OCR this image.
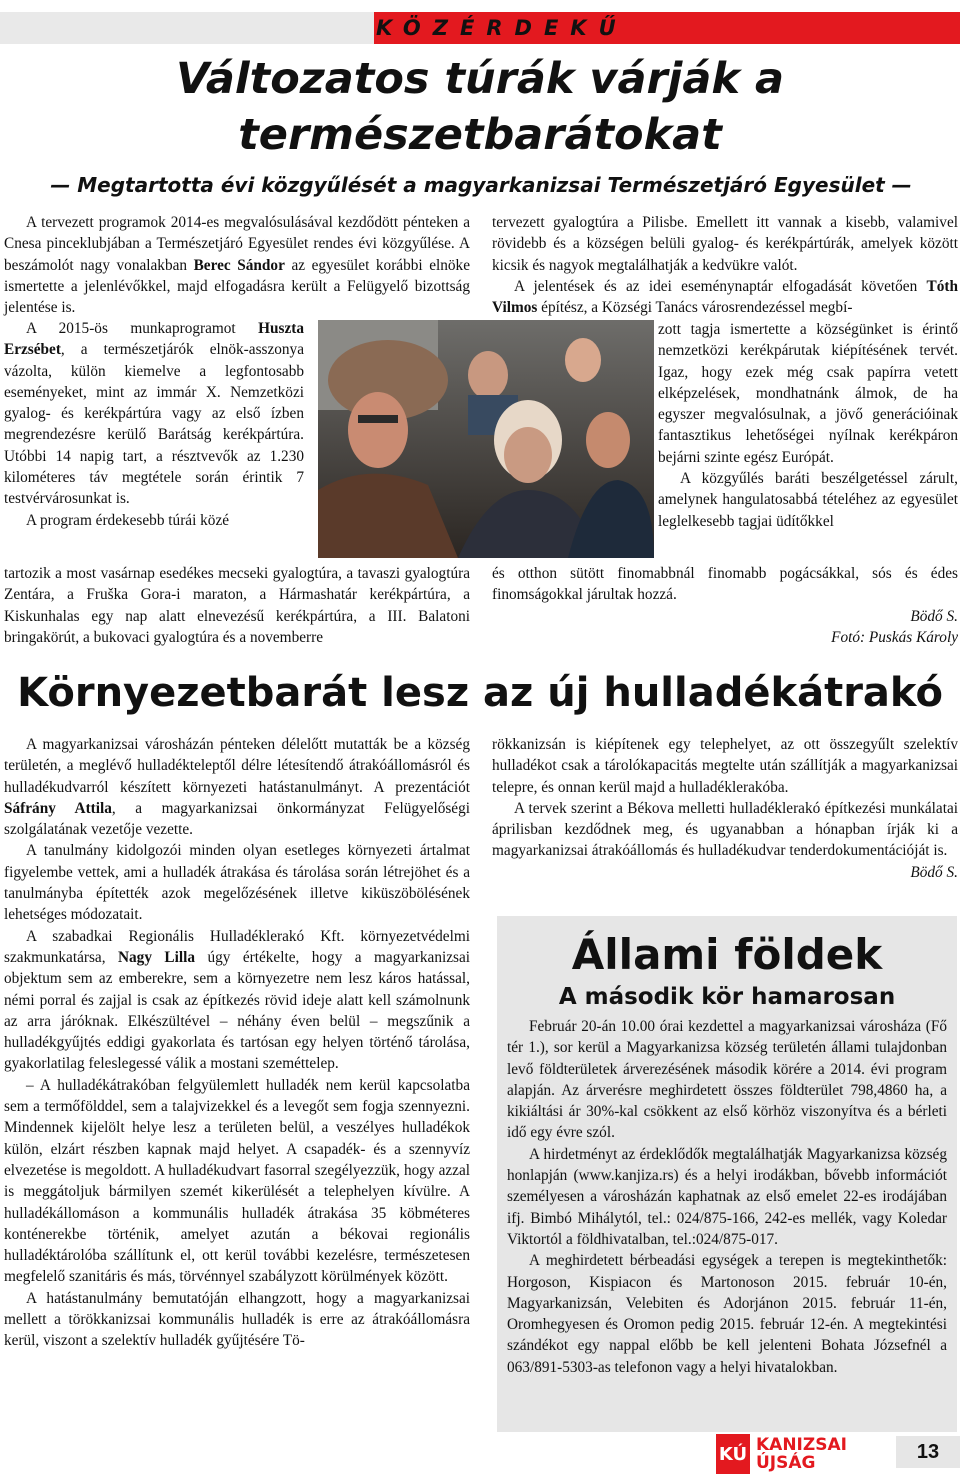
KÖZÉRDEKŰ
Változatos túrák várják a
természetbarátokat
— Megtartotta évi közgyűlését a magyarkanizsai Természetjáró Egyesület —

A tervezett programok 2014-es megvalósulásával kezdődött pénteken a Cnesa pinceklubjában a Természetjáró Egyesület rendes évi közgyűlése. A beszámolót nagy vonalakban Berec Sándor az egyesület korábbi elnöke ismertette a jelenlévőkkel, majd elfogadásra került a Felügyelő bizottság jelentése is.

A 2015-ös munkaprogramot Huszta Erzsébet, a természetjárók elnök-asszonya vázolta, külön kiemelve a legfontosabb eseményeket, mint az immár X. Nemzetközi gyalog- és kerékpártúra vagy az első ízben megrendezésre kerülő Barátság kerékpártúra. Utóbbi 14 napig tart, a résztvevők az 1.230 kilométeres táv megtétele során érintik 7 testvérvárosunkat is.

A program érdekesebb túrái közé

tartozik a most vasárnap esedékes mecseki gyalogtúra, a tavaszi gyalogtúra Zentára, a Fruška Gora-i maraton, a Hármashatár kerékpártúra, a Kiskunhalas egy nap alatt elnevezésű kerékpártúra, a III. Balatoni bringakörút, a bukovaci gyalogtúra és a novemberre

tervezett gyalogtúra a Pilisbe. Emellett itt vannak a kisebb, valamivel rövidebb és a községen belüli gyalog- és kerékpártúrák, amelyek között kicsik és nagyok megtalálhatják a kedvükre valót.

A jelentések és az idei eseménynaptár elfogadását követően Tóth Vilmos építész, a Községi Tanács városrendezéssel megbí-

zott tagja ismertette a községünket is érintő nemzetközi kerékpárutak kiépítésének tervét. Igaz, hogy ezek még csak papírra vetett elképzelések, mondhatnánk álmok, de ha egyszer megvalósulnak, a jövő generációinak fantasztikus lehetőségei nyílnak kerékpáron bejárni szinte egész Európát.

A közgyűlés baráti beszélgetéssel zárult, amelynek hangulatosabbá tételéhez az egyesület leglelkesebb tagjai üdítőkkel

és otthon sütött finomabbnál finomabb pogácsákkal, sós és édes finomságokkal járultak hozzá.

Bödő S.
Fotó: Puskás Károly
Környezetbarát lesz az új hulladékátrakó

A magyarkanizsai városházán pénteken délelőtt mutatták be a község területén, a meglévő hulladékteleptől délre létesítendő átrakóállomásról és hulladékudvarról készített környezeti hatástanulmányt. A prezentációt Sáfrány Attila, a magyarkanizsai önkormányzat Felügyelőségi szolgálatának vezetője vezette.

A tanulmány kidolgozói minden olyan esetleges környezeti ártalmat figyelembe vettek, ami a hulladék átrakása és tárolása során létrejöhet és a tanulmányba építették azok megelőzésének illetve kiküszöbölésének lehetséges módozatait.

A szabadkai Regionális Hulladéklerakó Kft. környezetvédelmi szakmunkatársa, Nagy Lilla úgy értékelte, hogy a magyarkanizsai objektum sem az emberekre, sem a környezetre nem lesz káros hatással, némi porral és zajjal is csak az építkezés rövid ideje alatt kell számolnunk az arra járóknak. Elkészültével – néhány éven belül – megszűnik a hulladékgyűjtés eddigi gyakorlata és tartósan egy helyen történő tárolása, gyakorlatilag feleslegessé válik a mostani szeméttelep.

– A hulladékátrakóban felgyülemlett hulladék nem kerül kapcsolatba sem a termőfölddel, sem a talajvizekkel és a levegőt sem fogja szennyezni. Mindennek kijelölt helye lesz a területen belül, a veszélyes hulladékok külön, elzárt részben kapnak majd helyet. A csapadék- és a szennyvíz elvezetése is megoldott. A hulladékudvart fasorral szegélyezzük, hogy azzal is meggátoljuk bármilyen szemét kikerülését a telephelyen kívülre. A hulladékállomáson a kommunális hulladék átrakása 35 köbméteres konténerekbe történik, amelyet azután a békovai regionális hulladéktárolóba szállítunk el, ott kerül további kezelésre, természetesen megfelelő szanitáris és más, törvénnyel szabályzott körülmények között.

A hatástanulmány bemutatóján elhangzott, hogy a magyarkanizsai mellett a törökkanizsai kommunális hulladék is erre az átrakóállomásra kerül, viszont a szelektív hulladék gyűjtésére Tö-

rökkanizsán is kiépítenek egy telephelyet, az ott összegyűlt szelektív hulladékot csak a tárolókapacitás megtelte után szállítják a magyarkanizsai telepre, és onnan kerül majd a hulladéklerakóba.

A tervek szerint a Békova melletti hulladéklerakó építkezési munkálatai áprilisban kezdődnek meg, és ugyanabban a hónapban írják ki a magyarkanizsai átrakóállomás és hulladékudvar tenderdokumentációját is.

Bödő S.
Állami földek
A második kör hamarosan

Február 20-án 10.00 órai kezdettel a magyarkanizsai városháza (Fő tér 1.), sor kerül a Magyarkanizsa község területén állami tulajdonban levő földterületek árverezésének második körére a 2014. évi program alapján. Az árverésre meghirdetett összes földterület 798,4860 ha, a kikiáltási ár 30%-kal csökkent az első körhöz viszonyítva és a bérleti idő egy évre szól.

A hirdetményt az érdeklődők megtalálhatják Magyarkanizsa község honlapján (www.kanjiza.rs) és a helyi irodákban, bővebb információt személyesen a városházán kaphatnak az első emelet 22-es irodájában ifj. Bimbó Mihálytól, tel.: 024/875-166, 242-es mellék, vagy Koledar Viktortól a földhivatalban, tel.:024/875-017.

A meghirdetett bérbeadási egységek a terepen is megtekinthetők: Horgoson, Kispiacon és Martonoson 2015. február 10-én, Magyarkanizsán, Velebiten és Adorjánon 2015. február 11-én, Oromhegyesen és Oromon pedig 2015. február 12-én. A megtekintési szándékot egy nappal előbb be kell jelenteni Bohata Józsefnél a 063/891-5303-as telefonon vagy a helyi hivatalokban.

KÚ KANIZSAI
ÚJSÁG	13
